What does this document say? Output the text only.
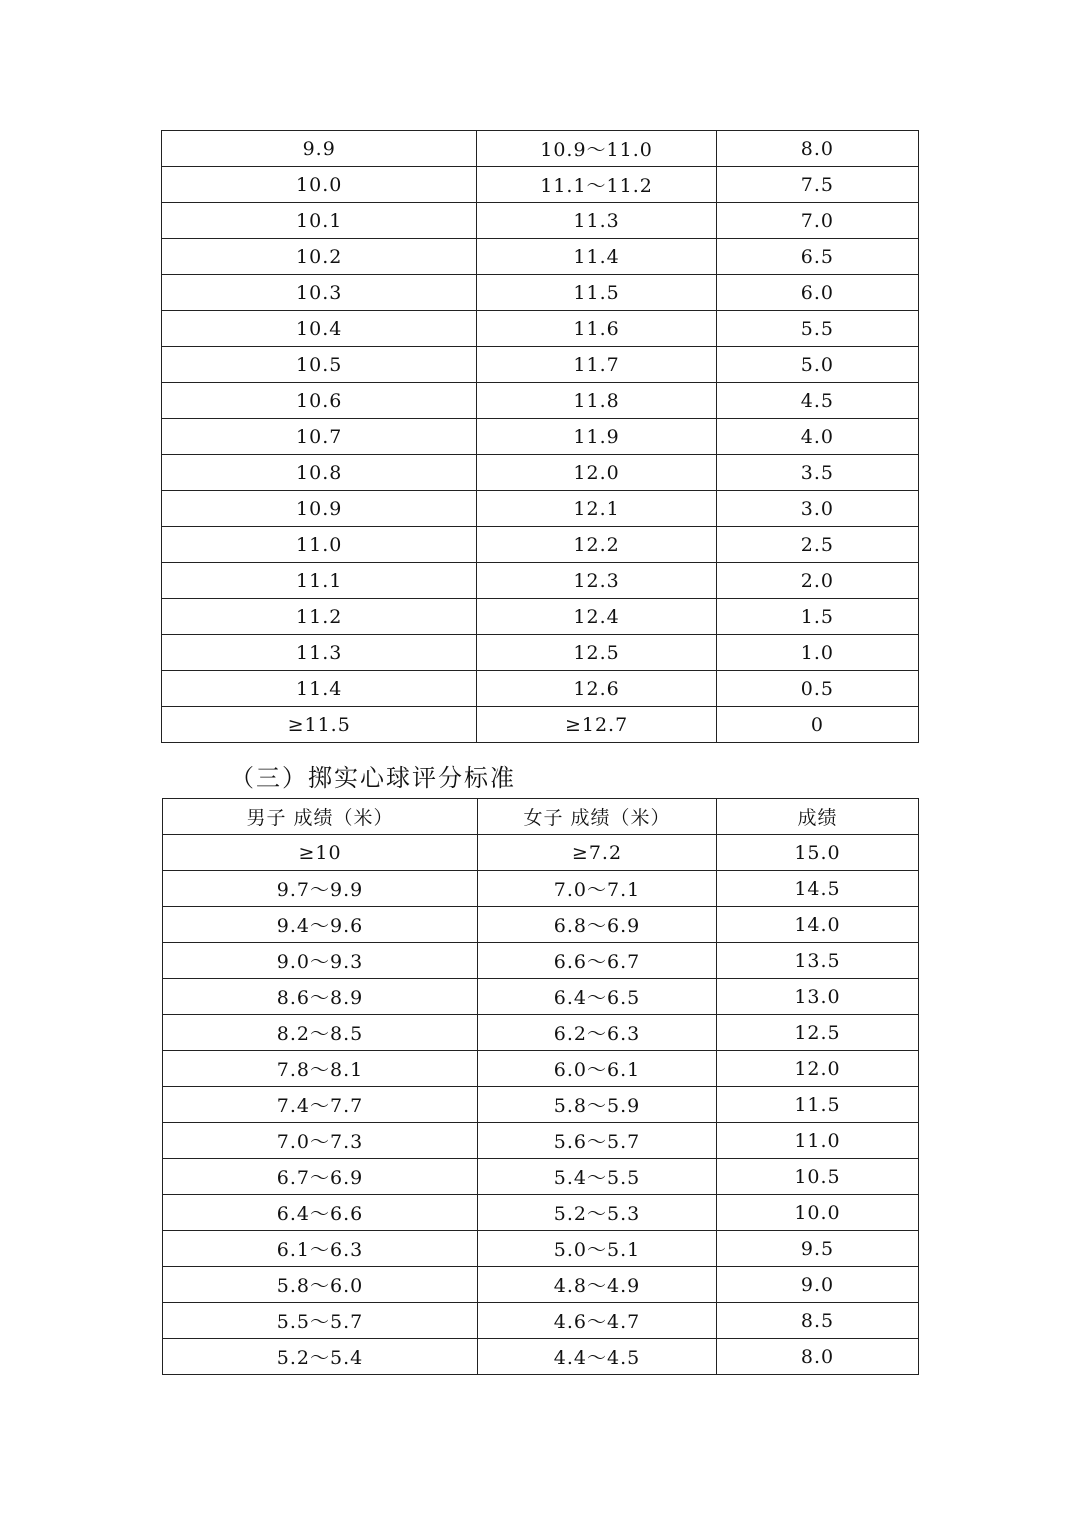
9.9	10.9～11.0	8.0
10.0	11.1～11.2	7.5
10.1	11.3	7.0
10.2	11.4	6.5
10.3	11.5	6.0
10.4	11.6	5.5
10.5	11.7	5.0
10.6	11.8	4.5
10.7	11.9	4.0
10.8	12.0	3.5
10.9	12.1	3.0
11.0	12.2	2.5
11.1	12.3	2.0
11.2	12.4	1.5
11.3	12.5	1.0
11.4	12.6	0.5
≥11.5	≥12.7	0
（三）掷实心球评分标准
男子 成绩（米）	女子 成绩（米）	成绩
≥10	≥7.2	15.0
9.7～9.9	7.0～7.1	14.5
9.4～9.6	6.8～6.9	14.0
9.0～9.3	6.6～6.7	13.5
8.6～8.9	6.4～6.5	13.0
8.2～8.5	6.2～6.3	12.5
7.8～8.1	6.0～6.1	12.0
7.4～7.7	5.8～5.9	11.5
7.0～7.3	5.6～5.7	11.0
6.7～6.9	5.4～5.5	10.5
6.4～6.6	5.2～5.3	10.0
6.1～6.3	5.0～5.1	9.5
5.8～6.0	4.8～4.9	9.0
5.5～5.7	4.6～4.7	8.5
5.2～5.4	4.4～4.5	8.0
